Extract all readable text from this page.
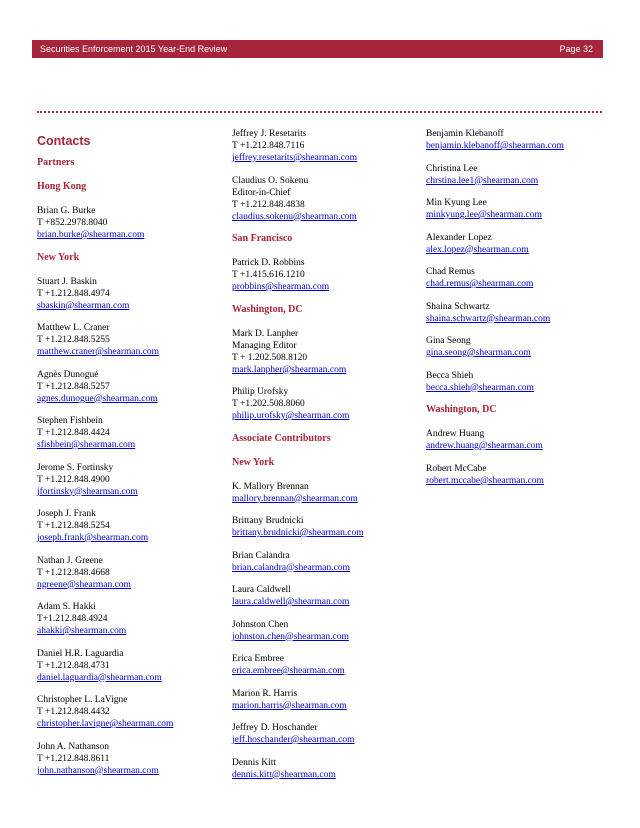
Securities Enforcement 2015 Year-End Review	Page 32
Contacts
Partners
Hong Kong
Brian G. Burke
T +852.2978.8040
brian.burke@shearman.com
New York
Stuart J. Baskin
T +1.212.848.4974
sbaskin@shearman.com
Matthew L. Craner
T +1.212.848.5255
matthew.craner@shearman.com
Agnès Dunogué
T +1.212.848.5257
agnes.dunogue@shearman.com
Stephen Fishbein
T +1.212.848.4424
sfishbein@shearman.com
Jerome S. Fortinsky
T +1.212.848.4900
jfortinsky@shearman.com
Joseph J. Frank
T +1.212.848.5254
joseph.frank@shearman.com
Nathan J. Greene
T +1.212.848.4668
ngreene@shearman.com
Adam S. Hakki
T+1.212.848.4924
ahakki@shearman.com
Daniel H.R. Laguardia
T +1.212.848.4731
daniel.laguardia@shearman.com
Christopher L. LaVigne
T +1.212.848.4432
christopher.lavigne@shearman.com
John A. Nathanson
T +1.212.848.8611
john.nathanson@shearman.com
Jeffrey J. Resetarits
T +1.212.848.7116
jeffrey.resetarits@shearman.com
Claudius O. Sokenu
Editor-in-Chief
T +1.212.848.4838
claudius.sokenu@shearman.com
San Francisco
Patrick D. Robbins
T +1.415.616.1210
probbins@shearman.com
Washington, DC
Mark D. Lanpher
Managing Editor
T + 1.202.508.8120
mark.lanpher@shearman.com
Philip Urofsky
T +1.202.508.8060
philip.urofsky@shearman.com
Associate Contributors
New York
K. Mallory Brennan
mallory.brennan@shearman.com
Brittany Brudnicki
brittany.brudnicki@shearman.com
Brian Calandra
brian.calandra@shearman.com
Laura Caldwell
laura.caldwell@shearman.com
Johnston Chen
johnston.chen@shearman.com
Erica Embree
erica.embree@shearman.com
Marion R. Harris
marion.harris@shearman.com
Jeffrey D. Hoschander
jeff.hoschander@shearman.com
Dennis Kitt
dennis.kitt@shearman.com
Benjamin Klebanoff
benjamin.klebanoff@shearman.com
Christina Lee
chrstina.lee1@shearman.com
Min Kyung Lee
minkyung.lee@shearman.com
Alexander Lopez
alex.lopez@shearman.com
Chad Remus
chad.remus@shearman.com
Shaina Schwartz
shaina.schwartz@shearman.com
Gina Seong
gina.seong@shearman.com
Becca Shieh
becca.shieh@shearman.com
Washington, DC
Andrew Huang
andrew.huang@shearman.com
Robert McCabe
robert.mccabe@shearman.com
